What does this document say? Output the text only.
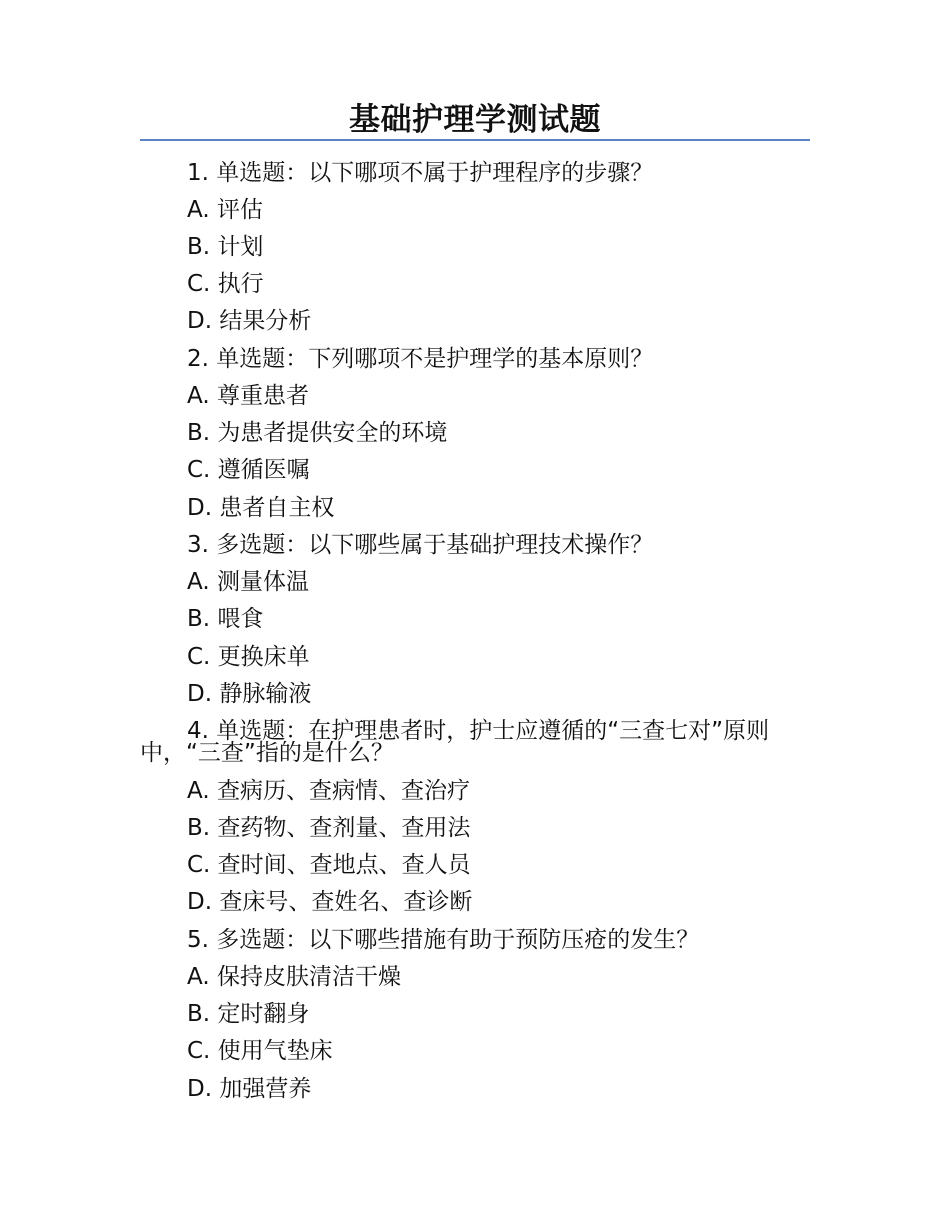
基础护理学测试题
1. 单选题：以下哪项不属于护理程序的步骤？
A. 评估
B. 计划
C. 执行
D. 结果分析
2. 单选题：下列哪项不是护理学的基本原则？
A. 尊重患者
B. 为患者提供安全的环境
C. 遵循医嘱
D. 患者自主权
3. 多选题：以下哪些属于基础护理技术操作？
A. 测量体温
B. 喂食
C. 更换床单
D. 静脉输液
4. 单选题：在护理患者时，护士应遵循的“三查七对”原则中，“三查”指的是什么？
A. 查病历、查病情、查治疗
B. 查药物、查剂量、查用法
C. 查时间、查地点、查人员
D. 查床号、查姓名、查诊断
5. 多选题：以下哪些措施有助于预防压疮的发生？
A. 保持皮肤清洁干燥
B. 定时翻身
C. 使用气垫床
D. 加强营养
